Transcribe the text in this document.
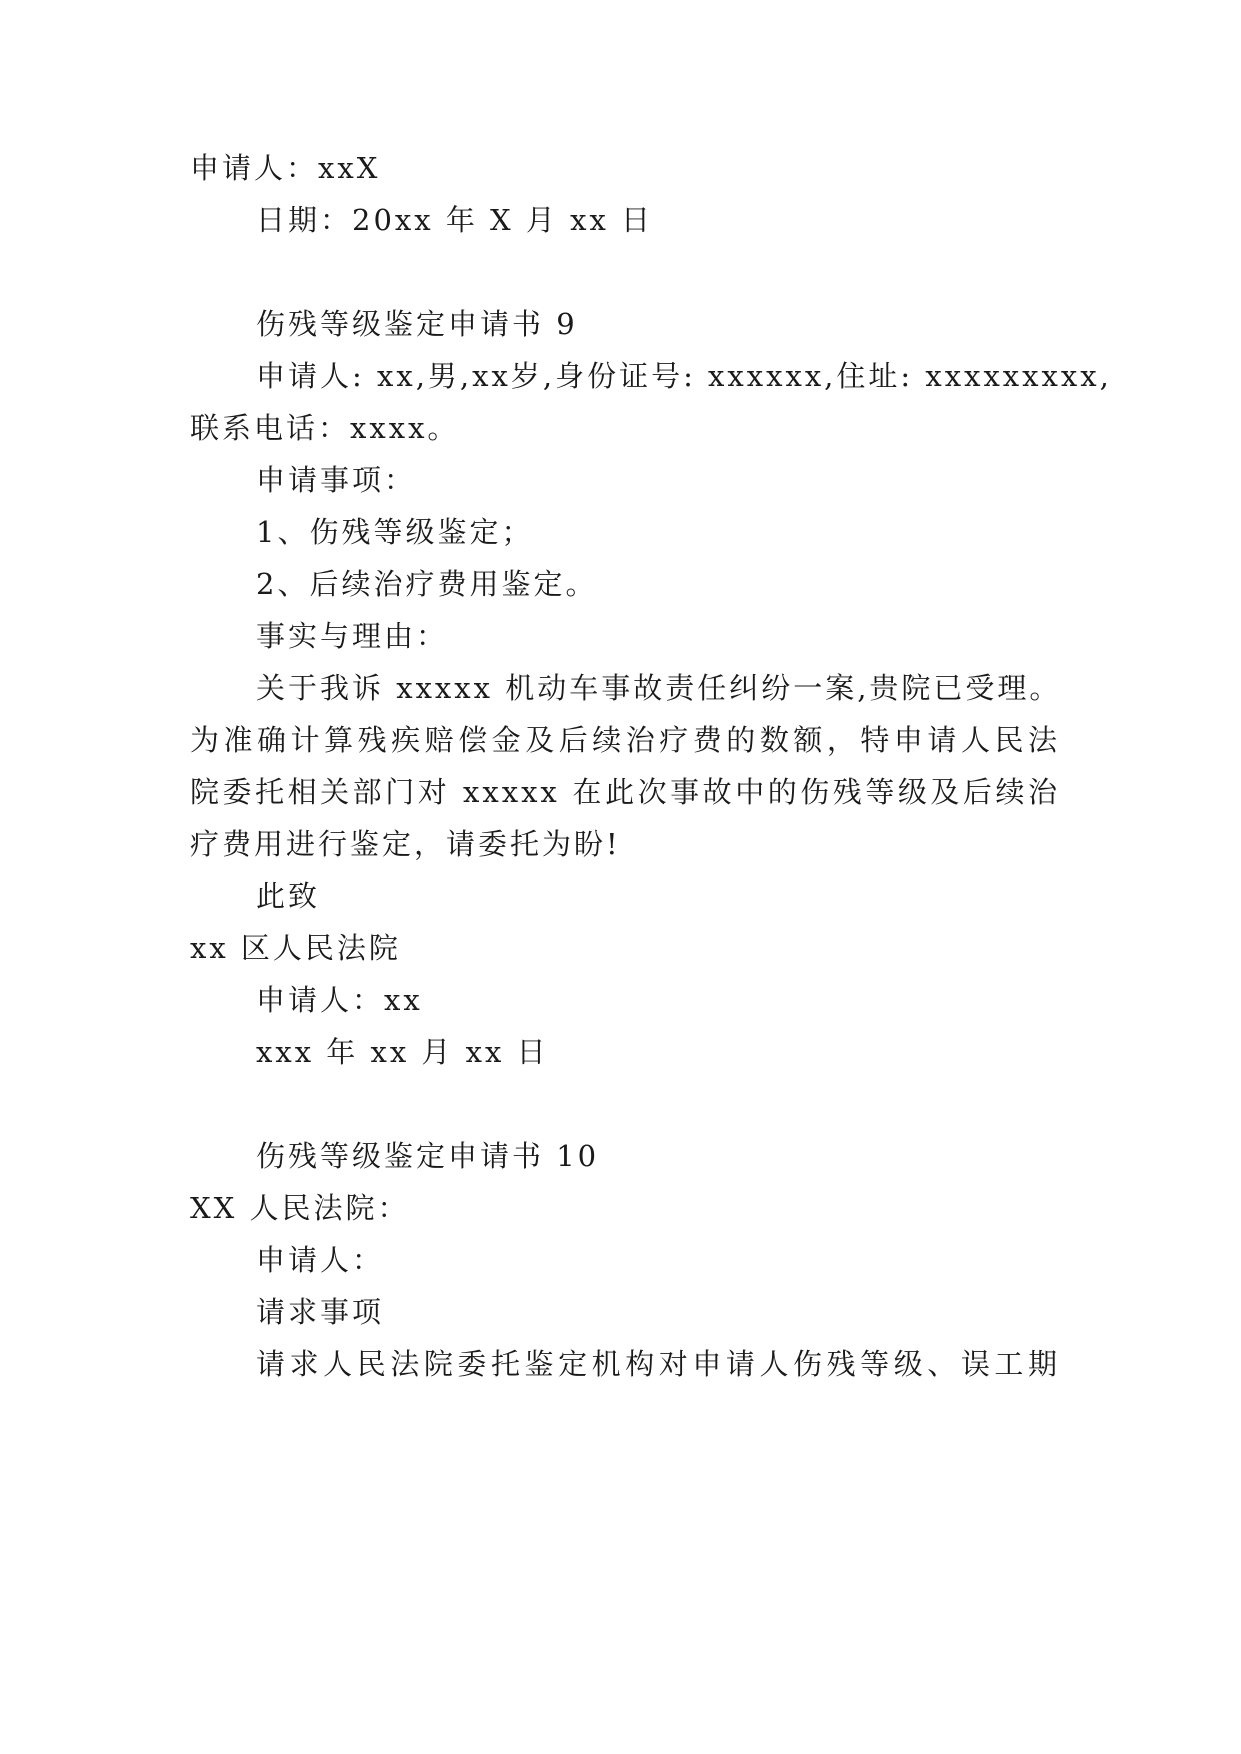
申请人：xxX
日期：20xx 年 X 月 xx 日
伤残等级鉴定申请书 9
申请人: xx,男,xx岁,身份证号: xxxxxx,住址: xxxxxxxxx,
联系电话：xxxx。
申请事项：
1、伤残等级鉴定；
2、后续治疗费用鉴定。
事实与理由：
关于我诉 xxxxx 机动车事故责任纠纷一案,贵院已受理。
为准确计算残疾赔偿金及后续治疗费的数额，特申请人民法
院委托相关部门对 xxxxx 在此次事故中的伤残等级及后续治
疗费用进行鉴定，请委托为盼!
此致
xx 区人民法院
申请人：xx
xxx 年 xx 月 xx 日
伤残等级鉴定申请书 10
XX 人民法院：
申请人：
请求事项
请求人民法院委托鉴定机构对申请人伤残等级、误工期
